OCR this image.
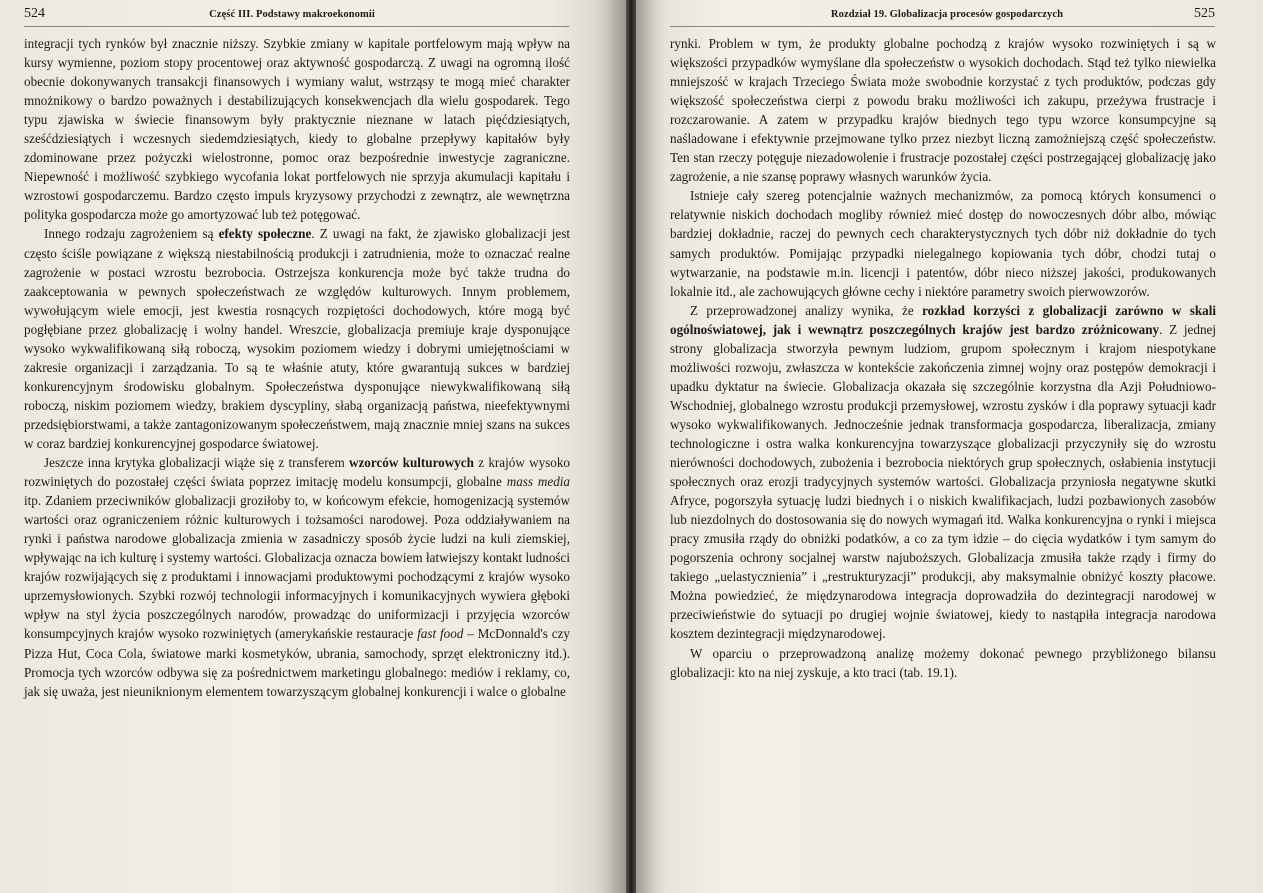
524	Część III. Podstawy makroekonomii

integracji tych rynków był znacznie niższy. Szybkie zmiany w kapitale portfelowym mają wpływ na kursy wymienne, poziom stopy procentowej oraz aktywność gospodarczą. Z uwagi na ogromną ilość obecnie dokonywanych transakcji finansowych i wymiany walut, wstrząsy te mogą mieć charakter mnożnikowy o bardzo poważnych i destabilizujących konsekwencjach dla wielu gospodarek. Tego typu zjawiska w świecie finansowym były praktycznie nieznane w latach pięćdziesiątych, sześćdziesiątych i wczesnych siedemdziesiątych, kiedy to globalne przepływy kapitałów były zdominowane przez pożyczki wielostronne, pomoc oraz bezpośrednie inwestycje zagraniczne. Niepewność i możliwość szybkiego wycofania lokat portfelowych nie sprzyja akumulacji kapitału i wzrostowi gospodarczemu. Bardzo często impuls kryzysowy przychodzi z zewnątrz, ale wewnętrzna polityka gospodarcza może go amortyzować lub też potęgować.

Innego rodzaju zagrożeniem są efekty społeczne. Z uwagi na fakt, że zjawisko globalizacji jest często ściśle powiązane z większą niestabilnością produkcji i zatrudnienia, może to oznaczać realne zagrożenie w postaci wzrostu bezrobocia. Ostrzejsza konkurencja może być także trudna do zaakceptowania w pewnych społeczeństwach ze względów kulturowych. Innym problemem, wywołującym wiele emocji, jest kwestia rosnących rozpiętości dochodowych, które mogą być pogłębiane przez globalizację i wolny handel. Wreszcie, globalizacja premiuje kraje dysponujące wysoko wykwalifikowaną siłą roboczą, wysokim poziomem wiedzy i dobrymi umiejętnościami w zakresie organizacji i zarządzania. To są te właśnie atuty, które gwarantują sukces w bardziej konkurencyjnym środowisku globalnym. Społeczeństwa dysponujące niewykwalifikowaną siłą roboczą, niskim poziomem wiedzy, brakiem dyscypliny, słabą organizacją państwa, nieefektywnymi przedsiębiorstwami, a także zantagonizowanym społeczeństwem, mają znacznie mniej szans na sukces w coraz bardziej konkurencyjnej gospodarce światowej.

Jeszcze inna krytyka globalizacji wiąże się z transferem wzorców kulturowych z krajów wysoko rozwiniętych do pozostałej części świata poprzez imitację modelu konsumpcji, globalne mass media itp. Zdaniem przeciwników globalizacji groziłoby to, w końcowym efekcie, homogenizacją systemów wartości oraz ograniczeniem różnic kulturowych i tożsamości narodowej. Poza oddziaływaniem na rynki i państwa narodowe globalizacja zmienia w zasadniczy sposób życie ludzi na kuli ziemskiej, wpływając na ich kulturę i systemy wartości. Globalizacja oznacza bowiem łatwiejszy kontakt ludności krajów rozwijających się z produktami i innowacjami produktowymi pochodzącymi z krajów wysoko uprzemysłowionych. Szybki rozwój technologii informacyjnych i komunikacyjnych wywiera głęboki wpływ na styl życia poszczególnych narodów, prowadząc do uniformizacji i przyjęcia wzorców konsumpcyjnych krajów wysoko rozwiniętych (amerykańskie restauracje fast food – McDonnald's czy Pizza Hut, Coca Cola, światowe marki kosmetyków, ubrania, samochody, sprzęt elektroniczny itd.). Promocja tych wzorców odbywa się za pośrednictwem marketingu globalnego: mediów i reklamy, co, jak się uważa, jest nieuniknionym elementem towarzyszącym globalnej konkurencji i walce o globalne

Rozdział 19. Globalizacja procesów gospodarczych	525

rynki. Problem w tym, że produkty globalne pochodzą z krajów wysoko rozwiniętych i są w większości przypadków wymyślane dla społeczeństw o wysokich dochodach. Stąd też tylko niewielka mniejszość w krajach Trzeciego Świata może swobodnie korzystać z tych produktów, podczas gdy większość społeczeństwa cierpi z powodu braku możliwości ich zakupu, przeżywa frustracje i rozczarowanie. A zatem w przypadku krajów biednych tego typu wzorce konsumpcyjne są naśladowane i efektywnie przejmowane tylko przez niezbyt liczną zamożniejszą część społeczeństw. Ten stan rzeczy potęguje niezadowolenie i frustracje pozostałej części postrzegającej globalizację jako zagrożenie, a nie szansę poprawy własnych warunków życia.

Istnieje cały szereg potencjalnie ważnych mechanizmów, za pomocą których konsumenci o relatywnie niskich dochodach mogliby również mieć dostęp do nowoczesnych dóbr albo, mówiąc bardziej dokładnie, raczej do pewnych cech charakterystycznych tych dóbr niż dokładnie do tych samych produktów. Pomijając przypadki nielegalnego kopiowania tych dóbr, chodzi tutaj o wytwarzanie, na podstawie m.in. licencji i patentów, dóbr nieco niższej jakości, produkowanych lokalnie itd., ale zachowujących główne cechy i niektóre parametry swoich pierwowzorów.

Z przeprowadzonej analizy wynika, że rozkład korzyści z globalizacji zarówno w skali ogólnoświatowej, jak i wewnątrz poszczególnych krajów jest bardzo zróżnicowany. Z jednej strony globalizacja stworzyła pewnym ludziom, grupom społecznym i krajom niespotykane możliwości rozwoju, zwłaszcza w kontekście zakończenia zimnej wojny oraz postępów demokracji i upadku dyktatur na świecie. Globalizacja okazała się szczególnie korzystna dla Azji Południowo-Wschodniej, globalnego wzrostu produkcji przemysłowej, wzrostu zysków i dla poprawy sytuacji kadr wysoko wykwalifikowanych. Jednocześnie jednak transformacja gospodarcza, liberalizacja, zmiany technologiczne i ostra walka konkurencyjna towarzyszące globalizacji przyczyniły się do wzrostu nierówności dochodowych, zubożenia i bezrobocia niektórych grup społecznych, osłabienia instytucji społecznych oraz erozji tradycyjnych systemów wartości. Globalizacja przyniosła negatywne skutki Afryce, pogorszyła sytuację ludzi biednych i o niskich kwalifikacjach, ludzi pozbawionych zasobów lub niezdolnych do dostosowania się do nowych wymagań itd. Walka konkurencyjna o rynki i miejsca pracy zmusiła rządy do obniżki podatków, a co za tym idzie – do cięcia wydatków i tym samym do pogorszenia ochrony socjalnej warstw najuboższych. Globalizacja zmusiła także rządy i firmy do takiego „uelastycznienia” i „restrukturyzacji” produkcji, aby maksymalnie obniżyć koszty płacowe. Można powiedzieć, że międzynarodowa integracja doprowadziła do dezintegracji narodowej w przeciwieństwie do sytuacji po drugiej wojnie światowej, kiedy to nastąpiła integracja narodowa kosztem dezintegracji międzynarodowej.

W oparciu o przeprowadzoną analizę możemy dokonać pewnego przybliżonego bilansu globalizacji: kto na niej zyskuje, a kto traci (tab. 19.1).
